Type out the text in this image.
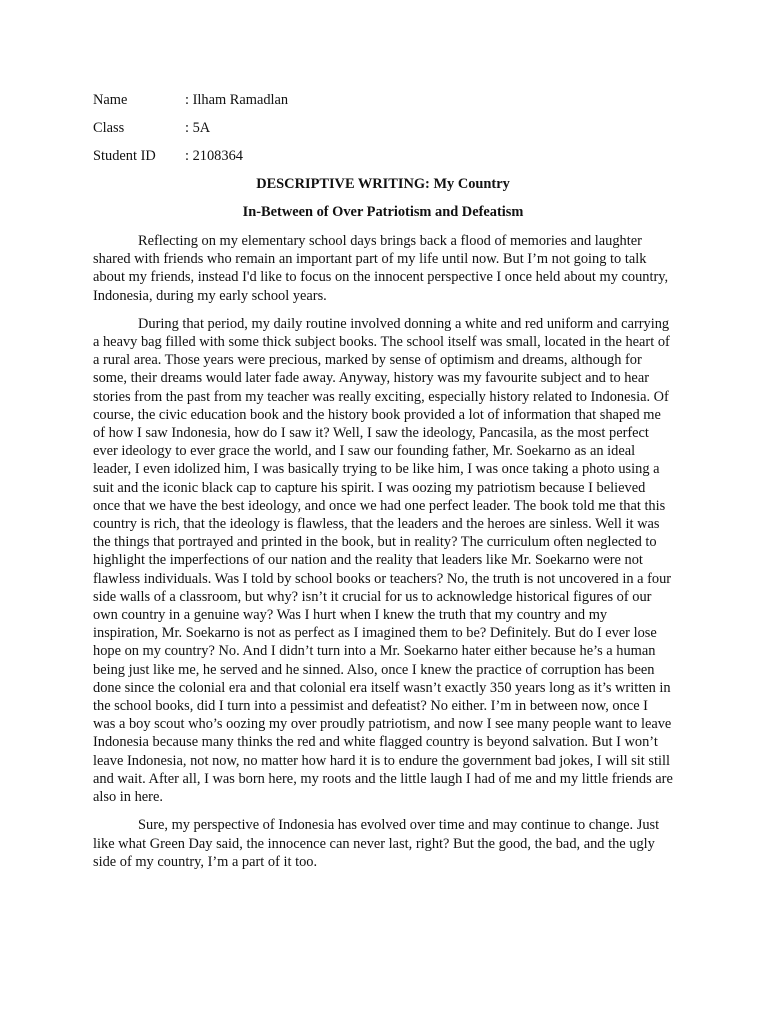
Name	: Ilham Ramadlan
Class	: 5A
Student ID	: 2108364
DESCRIPTIVE WRITING: My Country
In-Between of Over Patriotism and Defeatism

Reflecting on my elementary school days brings back a flood of memories and laughter shared with friends who remain an important part of my life until now. But I’m not going to talk about my friends, instead I'd like to focus on the innocent perspective I once held about my country, Indonesia, during my early school years.

During that period, my daily routine involved donning a white and red uniform and carrying a heavy bag filled with some thick subject books. The school itself was small, located in the heart of a rural area. Those years were precious, marked by sense of optimism and dreams, although for some, their dreams would later fade away. Anyway, history was my favourite subject and to hear stories from the past from my teacher was really exciting, especially history related to Indonesia. Of course, the civic education book and the history book provided a lot of information that shaped me of how I saw Indonesia, how do I saw it? Well, I saw the ideology, Pancasila, as the most perfect ever ideology to ever grace the world, and I saw our founding father, Mr. Soekarno as an ideal leader, I even idolized him, I was basically trying to be like him, I was once taking a photo using a suit and the iconic black cap to capture his spirit. I was oozing my patriotism because I believed once that we have the best ideology, and once we had one perfect leader. The book told me that this country is rich, that the ideology is flawless, that the leaders and the heroes are sinless. Well it was the things that portrayed and printed in the book, but in reality? The curriculum often neglected to highlight the imperfections of our nation and the reality that leaders like Mr. Soekarno were not flawless individuals. Was I told by school books or teachers? No, the truth is not uncovered in a four side walls of a classroom, but why? isn’t it crucial for us to acknowledge historical figures of our own country in a genuine way? Was I hurt when I knew the truth that my country and my inspiration, Mr. Soekarno is not as perfect as I imagined them to be? Definitely. But do I ever lose hope on my country? No. And I didn’t turn into a Mr. Soekarno hater either because he’s a human being just like me, he served and he sinned. Also, once I knew the practice of corruption has been done since the colonial era and that colonial era itself wasn’t exactly 350 years long as it’s written in the school books, did I turn into a pessimist and defeatist? No either. I’m in between now, once I was a boy scout who’s oozing my over proudly patriotism, and now I see many people want to leave Indonesia because many thinks the red and white flagged country is beyond salvation. But I won’t leave Indonesia, not now, no matter how hard it is to endure the government bad jokes, I will sit still and wait. After all, I was born here, my roots and the little laugh I had of me and my little friends are also in here.

Sure, my perspective of Indonesia has evolved over time and may continue to change. Just like what Green Day said, the innocence can never last, right? But the good, the bad, and the ugly side of my country, I’m a part of it too.
